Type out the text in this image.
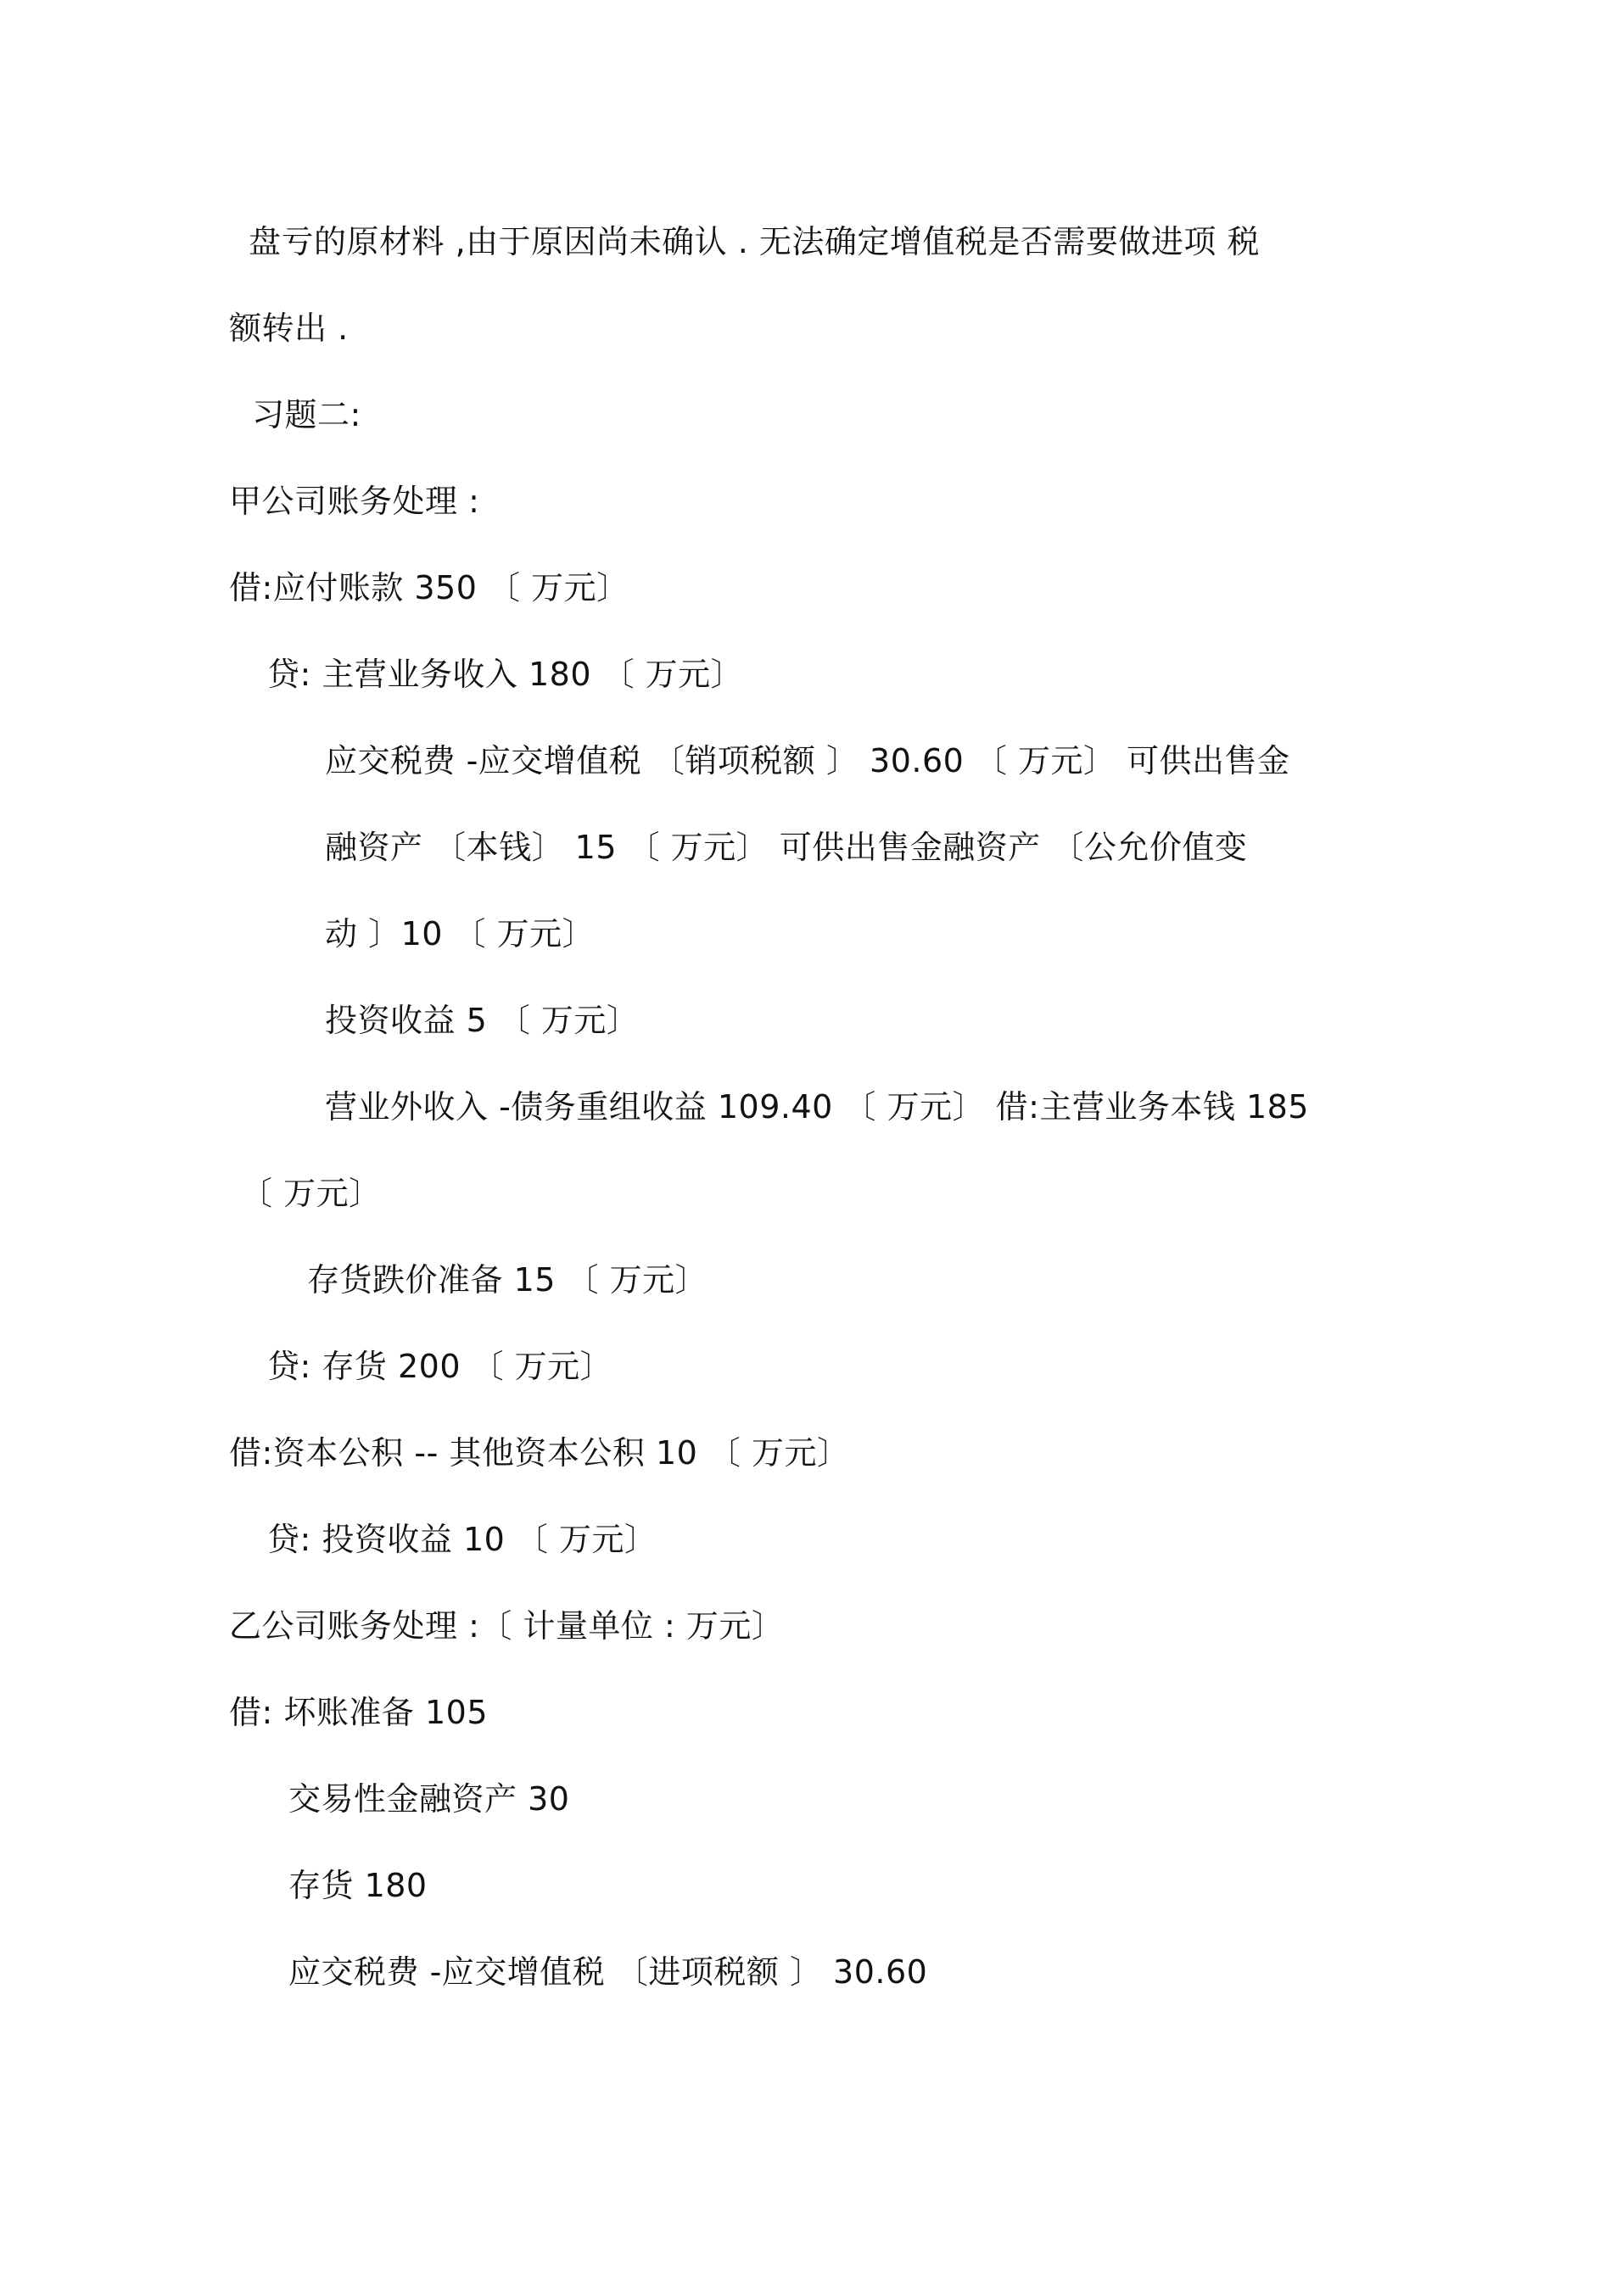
盘亏的原材料 ,由于原因尚未确认 . 无法确定增值税是否需要做进项 税
额转出 .
习题二:
甲公司账务处理 :
借:应付账款 350 〔 万元〕
贷: 主营业务收入 180 〔 万元〕
应交税费 -应交增值税 〔销项税额 〕 30.60 〔 万元〕 可供出售金
融资产 〔本钱〕 15 〔 万元〕 可供出售金融资产 〔公允价值变
动 〕10 〔 万元〕
投资收益 5 〔 万元〕
营业外收入 -债务重组收益 109.40 〔 万元〕 借:主营业务本钱 185
〔 万元〕
存货跌价准备 15 〔 万元〕
贷: 存货 200 〔 万元〕
借:资本公积 -- 其他资本公积 10 〔 万元〕
贷: 投资收益 10 〔 万元〕
乙公司账务处理 :〔 计量单位 : 万元〕
借: 坏账准备 105
交易性金融资产 30
存货 180
应交税费 -应交增值税 〔进项税额 〕 30.60
